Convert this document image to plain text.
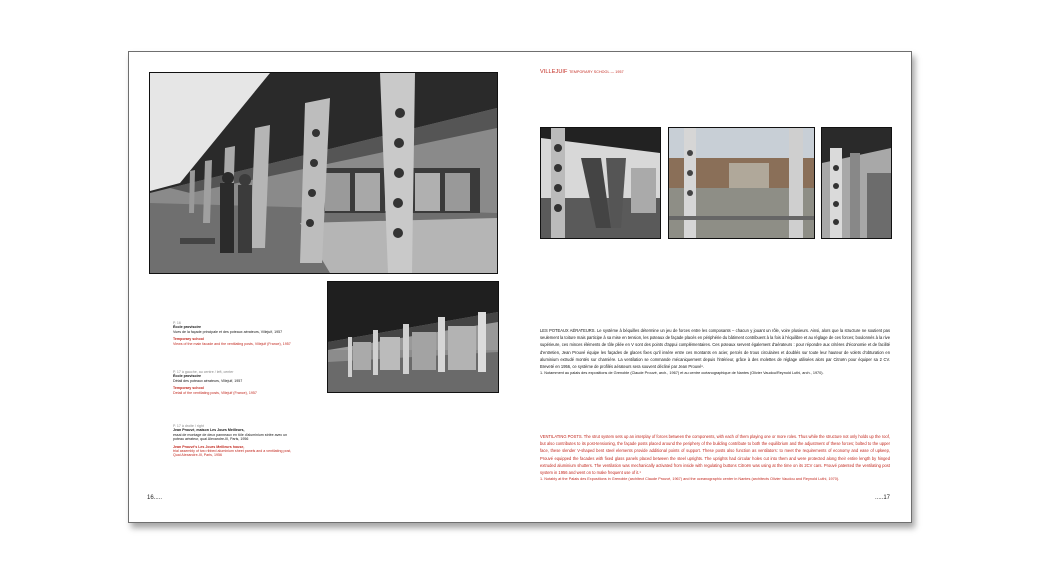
P. 16

École provisoire

Vues de la façade principale et des poteaux aérateurs, Villejuif, 1957

Temporary school

Views of the main facade and the ventilating posts, Villejuif (France), 1957

P. 17 à gauche, au centre / left, center

École provisoire

Détail des poteaux aérateurs, Villejuif, 1957

Temporary school

Detail of the ventilating posts, Villejuif (France), 1957

P. 17 à droite / right

Jean Prouvé, maison Les Jours Meilleurs,

essai de montage de deux panneaux en tôle d'aluminium striée avec un poteau aérateur, quai Alexandre-III, Paris, 1956

Jean Prouvé's Les Jours Meilleurs house,

trial assembly of two ribbed aluminium sheet panels and a ventilating post, Quai Alexandre-III, Paris, 1956

16.....
VILLEJUIF TEMPORARY SCHOOL — 1957

LES POTEAUX AÉRATEURS. Le système à béquilles détermine un jeu de forces entre les composants – chacun y jouant un rôle, voire plusieurs. Ainsi, alors que la structure ne soutient pas seulement la toiture mais participe à sa mise en tension, les poteaux de façade placés en périphérie du bâtiment contribuent à la fois à l'équilibre et au réglage de ces forces; boulonnés à la rive supérieure, ces minces éléments de tôle pliée en V sont des points d'appui complémentaires. Ces poteaux servent également d'aérateurs : pour répondre aux critères d'économie et de facilité d'entretien, Jean Prouvé équipe les façades de glaces fixes qu'il insère entre ces montants en acier, percés de trous circulaires et doublés sur toute leur hauteur de volets d'obturation en aluminium extrudé montés sur charnière. La ventilation se commande mécaniquement depuis l'intérieur, grâce à des molettes de réglage utilisées alors par Citroën pour équiper sa 2 CV. Breveté en 1956, ce système de profilés aérateurs sera souvent décliné par Jean Prouvé¹.

1. Notamment au palais des expositions de Grenoble (Claude Prouvé, arch., 1967) et au centre océanographique de Nantes (Olivier Vaudou/Reynold Luthi, arch., 1970).

VENTILATING POSTS. The strut system sets up an interplay of forces between the components, with each of them playing one or more roles. Thus while the structure not only holds up the roof, but also contributes to its post-tensioning, the façade posts placed around the periphery of the building contribute to both the equilibrium and the adjustment of these forces; bolted to the upper face, these slender V-shaped bent steel elements provide additional points of support. These posts also function as ventilators: to meet the requirements of economy and ease of upkeep, Prouvé equipped the facades with fixed glass panels placed between the steel uprights. The uprights had circular holes cut into them and were protected along their entire length by hinged extruded aluminium shutters. The ventilation was mechanically activated from inside with regulating buttons Citroën was using at the time on its 2CV cars. Prouvé patented the ventilating post system in 1956 and went on to make frequent use of it.¹

1. Notably at the Palais des Expositions in Grenoble (architect Claude Prouvé, 1967) and the oceanographic center in Nantes (architects Olivier Vaudou and Reynold Luthi, 1970).

.....17
